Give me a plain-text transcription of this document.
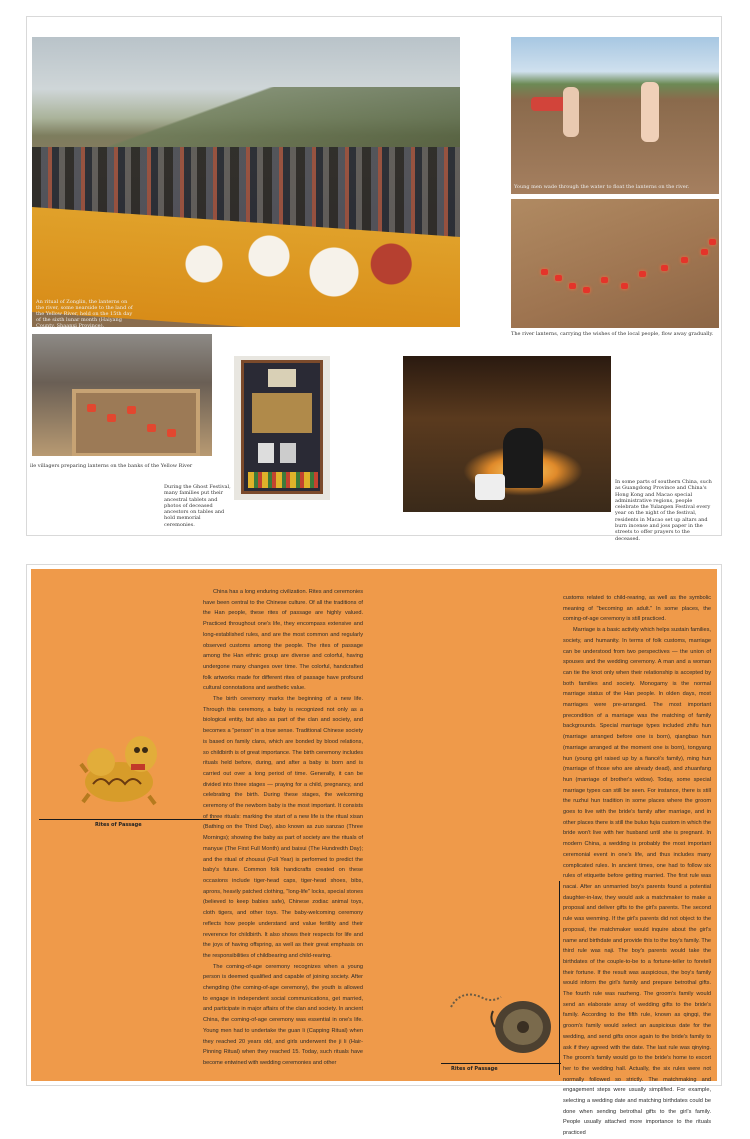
An ritual of Zonglin, the lanterns on the river, some nearside to the land of the Yellow River, held on the 15th day of the sixth lunar month (Haiyang County, Shaanxi Province).
Young men wade through the water to float the lanterns on the river.
The river lanterns, carrying the wishes of the local people, flow away gradually.
ile villagers preparing lanterns on the banks of the Yellow River
During the Ghost Festival, many families put their ancestral tablets and photos of deceased ancestors on tables and hold memorial ceremonies.
In some parts of southern China, such as Guangdong Province and China's Hong Kong and Macao special administrative regions, people celebrate the Yulanpen Festival every year on the night of the festival, residents in Macao set up altars and burn incense and joss paper in the streets to offer prayers to the deceased.
Rites of Passage

China has a long enduring civilization. Rites and ceremonies have been central to the Chinese culture. Of all the traditions of the Han people, these rites of passage are highly valued. Practiced throughout one's life, they encompass extensive and long-established rules, and are the most common and regularly observed customs among the people. The rites of passage among the Han ethnic group are diverse and colorful, having undergone many changes over time. The colorful, handcrafted folk artworks made for different rites of passage have profound cultural connotations and aesthetic value.

The birth ceremony marks the beginning of a new life. Through this ceremony, a baby is recognized not only as a biological entity, but also as part of the clan and society, and becomes a "person" in a true sense. Traditional Chinese society is based on family clans, which are bonded by blood relations, so childbirth is of great importance. The birth ceremony includes rituals held before, during, and after a baby is born and is carried out over a long period of time. Generally, it can be divided into three stages — praying for a child, pregnancy, and celebrating the birth. During these stages, the welcoming ceremony of the newborn baby is the most important. It consists of three rituals: marking the start of a new life is the ritual xisan (Bathing on the Third Day), also known as zuo sanzao (Three Mornings); showing the baby as part of society are the rituals of manyue (The First Full Month) and baisui (The Hundredth Day); and the ritual of zhousui (Full Year) is performed to predict the baby's future. Common folk handicrafts created on these occasions include tiger-head caps, tiger-head shoes, bibs, aprons, heavily patched clothing, "long-life" locks, special stones (believed to keep babies safe), Chinese zodiac animal toys, cloth tigers, and other toys. The baby-welcoming ceremony reflects how people understand and value fertility and their reverence for childbirth. It also shows their respects for life and the joys of having offspring, as well as their great emphasis on the responsibilities of childbearing and child-rearing.

The coming-of-age ceremony recognizes when a young person is deemed qualified and capable of joining society. After chengding (the coming-of-age ceremony), the youth is allowed to engage in independent social communications, get married, and participate in major affairs of the clan and society. In ancient China, the coming-of-age ceremony was essential in one's life. Young men had to undertake the guan li (Capping Ritual) when they reached 20 years old, and girls underwent the ji li (Hair-Pinning Ritual) when they reached 15. Today, such rituals have become entwined with wedding ceremonies and other

customs related to child-rearing, as well as the symbolic meaning of "becoming an adult." In some places, the coming-of-age ceremony is still practiced.

Marriage is a basic activity which helps sustain families, society, and humanity. In terms of folk customs, marriage can be understood from two perspectives — the union of spouses and the wedding ceremony. A man and a woman can tie the knot only when their relationship is accepted by both families and society. Monogamy is the normal marriage status of the Han people. In olden days, most marriages were pre-arranged. The most important precondition of a marriage was the matching of family backgrounds. Special marriage types included zhifu hun (marriage arranged before one is born), qiangbao hun (marriage arranged at the moment one is born), tongyang hun (young girl raised up by a fiancé's family), ming hun (marriage of those who are already dead), and zhuanfang hun (marriage of brother's widow). Today, some special marriage types can still be seen. For instance, there is still the ruzhui hun tradition in some places where the groom goes to live with the bride's family after marriage, and in other places there is still the buluo fujia custom in which the bride won't live with her husband until she is pregnant. In modern China, a wedding is probably the most important ceremonial event in one's life, and thus includes many complicated rules. In ancient times, one had to follow six rules of etiquette before getting married. The first rule was nacai. After an unmarried boy's parents found a potential daughter-in-law, they would ask a matchmaker to make a proposal and deliver gifts to the girl's parents. The second rule was wenming. If the girl's parents did not object to the proposal, the matchmaker would inquire about the girl's name and birthdate and provide this to the boy's family. The third rule was naji. The boy's parents would take the birthdates of the couple-to-be to a fortune-teller to foretell their fortune. If the result was auspicious, the boy's family would inform the girl's family and prepare betrothal gifts. The fourth rule was nazheng. The groom's family would send an elaborate array of wedding gifts to the bride's family. According to the fifth rule, known as qingqi, the groom's family would select an auspicious date for the wedding, and send gifts once again to the bride's family to ask if they agreed with the date. The last rule was qinying. The groom's family would go to the bride's home to escort her to the wedding hall. Actually, the six rules were not normally followed so strictly. The matchmaking and engagement steps were usually simplified. For example, selecting a wedding date and matching birthdates could be done when sending betrothal gifts to the girl's family. People usually attached more importance to the rituals practiced

Rites of Passage
